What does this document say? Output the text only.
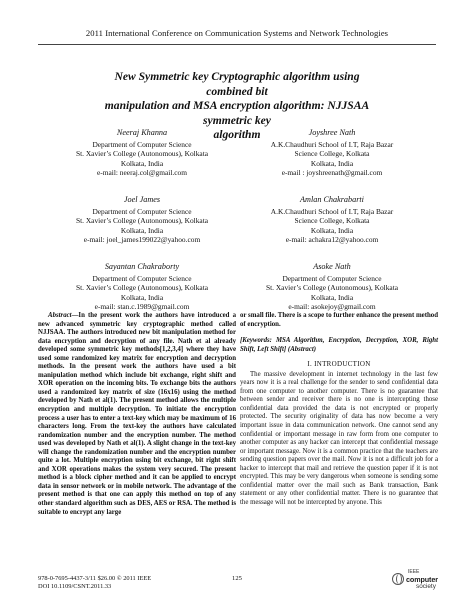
2011 International Conference on Communication Systems and Network Technologies
New Symmetric key Cryptographic algorithm using combined bit
manipulation and MSA encryption algorithm: NJJSAA symmetric key
algorithm
Neeraj Khanna
Department of Computer Science
St. Xavier’s College (Autonomous), Kolkata
Kolkata, India
e-mail: neeraj.col@gmail.com
Joyshree Nath
A.K.Chaudhuri School of I.T, Raja Bazar
Science College, Kolkata
Kolkata, India
e-mail : joyshreenath@gmail.com
Joel James
Department of Computer Science
St. Xavier’s College (Autonomous), Kolkata
Kolkata, India
e-mail: joel_james199022@yahoo.com
Amlan Chakrabarti
A.K.Chaudhuri School of I.T, Raja Bazar
Science College, Kolkata
Kolkata, India
e-mail: achakra12@yahoo.com
Sayantan Chakraborty
Department of Computer Science
St. Xavier’s College (Autonomous), Kolkata
Kolkata, India
e-mail: stan.c.1989@gmail.com
Asoke Nath
Department of Computer Science
St. Xavier’s College (Autonomous), Kolkata
Kolkata, India
e-mail: asokejoy@gmail.com
Abstract—In the present work the authors have introduced a new advanced symmetric key cryptographic method called NJJSAA. The authors introduced new bit manipulation method for data encryption and decryption of any file. Nath et al already developed some symmetric key methods[1,2,3,4] where they have used some randomized key matrix for encryption and decryption methods. In the present work the authors have used a bit manipulation method which include bit exchange, right shift and XOR operation on the incoming bits. To exchange bits the authors used a randomized key matrix of size (16x16) using the method developed by Nath et al(1). The present method allows the multiple encryption and multiple decryption. To initiate the encryption process a user has to enter a text-key which may be maximum of 16 characters long. From the text-key the authors have calculated randomization number and the encryption number. The method used was developed by Nath et al(1). A slight change in the text-key will change the randomization number and the encryption number quite a lot. Multiple encryption using bit exchange, bit right shift and XOR operations makes the system very secured. The present method is a block cipher method and it can be applied to encrypt data in sensor network or in mobile network. The advantage of the present method is that one can apply this method on top of any other standard algorithm such as DES, AES or RSA. The method is suitable to encrypt any large
or small file. There is a scope to further enhance the present method of encryption.
[Keywords: MSA Algorithm, Encryption, Decryption, XOR, Right Shift, Left Shift] (Abstract)
I. INTRODUCTION
The massive development in internet technology in the last few years now it is a real challenge for the sender to send confidential data from one computer to another computer. There is no guarantee that between sender and receiver there is no one is intercepting those confidential data provided the data is not encrypted or properly protected. The security originality of data has now become a very important issue in data communication network. One cannot send any confidential or important message in raw form from one computer to another computer as any hacker can intercept that confidential message or important message. Now it is a common practice that the teachers are sending question papers over the mail. Now it is not a difficult job for a hacker to intercept that mail and retrieve the question paper if it is not encrypted. This may be very dangerous when someone is sending some confidential matter over the mail such as Bank transaction, Bank statement or any other confidential matter. There is no guarantee that the message will not be intercepted by anyone. This
978-0-7695-4437-3/11 $26.00 © 2011 IEEE
DOI 10.1109/CSNT.2011.33
125
IEEE
computer
society
